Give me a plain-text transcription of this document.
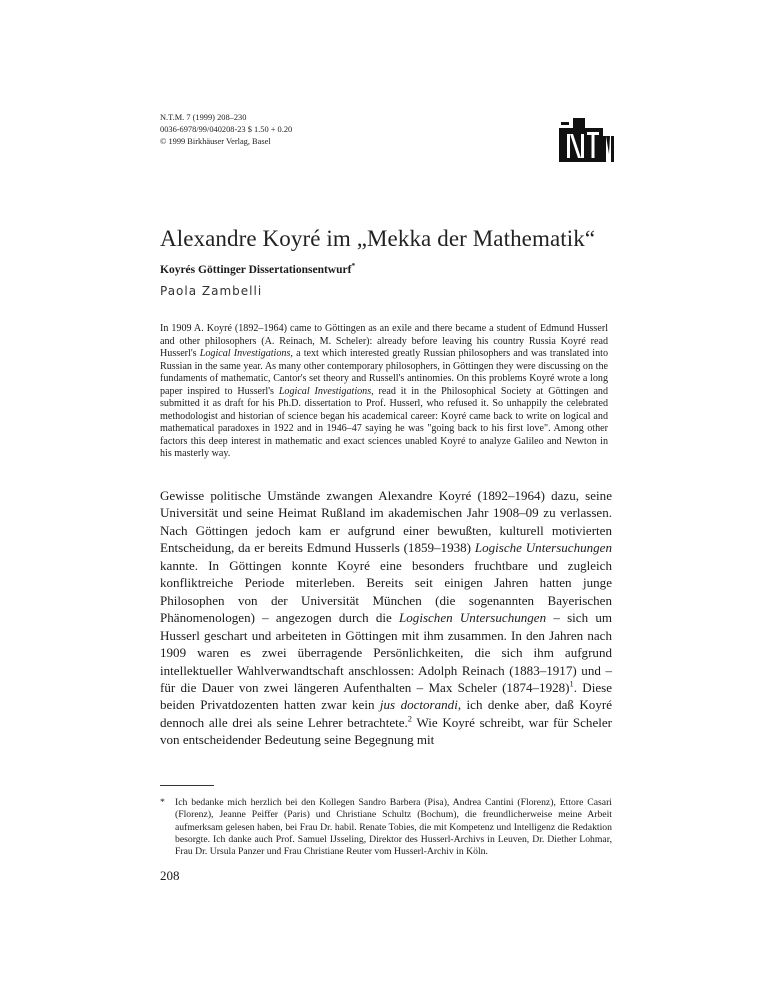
N.T.M. 7 (1999) 208–230
0036-6978/99/040208-23 $ 1.50 + 0.20
© 1999 Birkhäuser Verlag, Basel
Alexandre Koyré im „Mekka der Mathematik“
Koyrés Göttinger Dissertationsentwurf*
Paola Zambelli
In 1909 A. Koyré (1892–1964) came to Göttingen as an exile and there became a student of Edmund Husserl and other philosophers (A. Reinach, M. Scheler): already before leaving his country Russia Koyré read Husserl's Logical Investigations, a text which interested greatly Russian philosophers and was translated into Russian in the same year. As many other contemporary philosophers, in Göttingen they were discussing on the fundaments of mathematic, Cantor's set theory and Russell's antinomies. On this problems Koyré wrote a long paper inspired to Husserl's Logical Investigations, read it in the Philosophical Society at Göttingen and submitted it as draft for his Ph.D. dissertation to Prof. Husserl, who refused it. So unhappily the celebrated methodologist and historian of science began his academical career: Koyré came back to write on logical and mathematical paradoxes in 1922 and in 1946–47 saying he was "going back to his first love". Among other factors this deep interest in mathematic and exact sciences unabled Koyré to analyze Galileo and Newton in his masterly way.
Gewisse politische Umstände zwangen Alexandre Koyré (1892–1964) dazu, seine Universität und seine Heimat Rußland im akademischen Jahr 1908–09 zu verlassen. Nach Göttingen jedoch kam er aufgrund einer bewußten, kulturell motivierten Entscheidung, da er bereits Edmund Husserls (1859–1938) Logische Untersuchungen kannte. In Göttingen konnte Koyré eine besonders fruchtbare und zugleich konfliktreiche Periode miterleben. Bereits seit einigen Jahren hatten junge Philosophen von der Universität München (die sogenannten Bayerischen Phänomenologen) – angezogen durch die Logischen Untersuchungen – sich um Husserl geschart und arbeiteten in Göttingen mit ihm zusammen. In den Jahren nach 1909 waren es zwei überragende Persönlichkeiten, die sich ihm aufgrund intellektueller Wahlverwandtschaft anschlossen: Adolph Reinach (1883–1917) und – für die Dauer von zwei längeren Aufenthalten – Max Scheler (1874–1928)$^1$. Diese beiden Privatdozenten hatten zwar kein jus doctorandi, ich denke aber, daß Koyré dennoch alle drei als seine Lehrer betrachtete.$^2$ Wie Koyré schreibt, war für Scheler von entscheidender Bedeutung seine Begegnung mit
* Ich bedanke mich herzlich bei den Kollegen Sandro Barbera (Pisa), Andrea Cantini (Florenz), Ettore Casari (Florenz), Jeanne Peiffer (Paris) und Christiane Schultz (Bochum), die freundlicherweise meine Arbeit aufmerksam gelesen haben, bei Frau Dr. habil. Renate Tobies, die mit Kompetenz und Intelligenz die Redaktion besorgte. Ich danke auch Prof. Samuel IJsseling, Direktor des Husserl-Archivs in Leuven, Dr. Diether Lohmar, Frau Dr. Ursula Panzer und Frau Christiane Reuter vom Husserl-Archiv in Köln.
208
